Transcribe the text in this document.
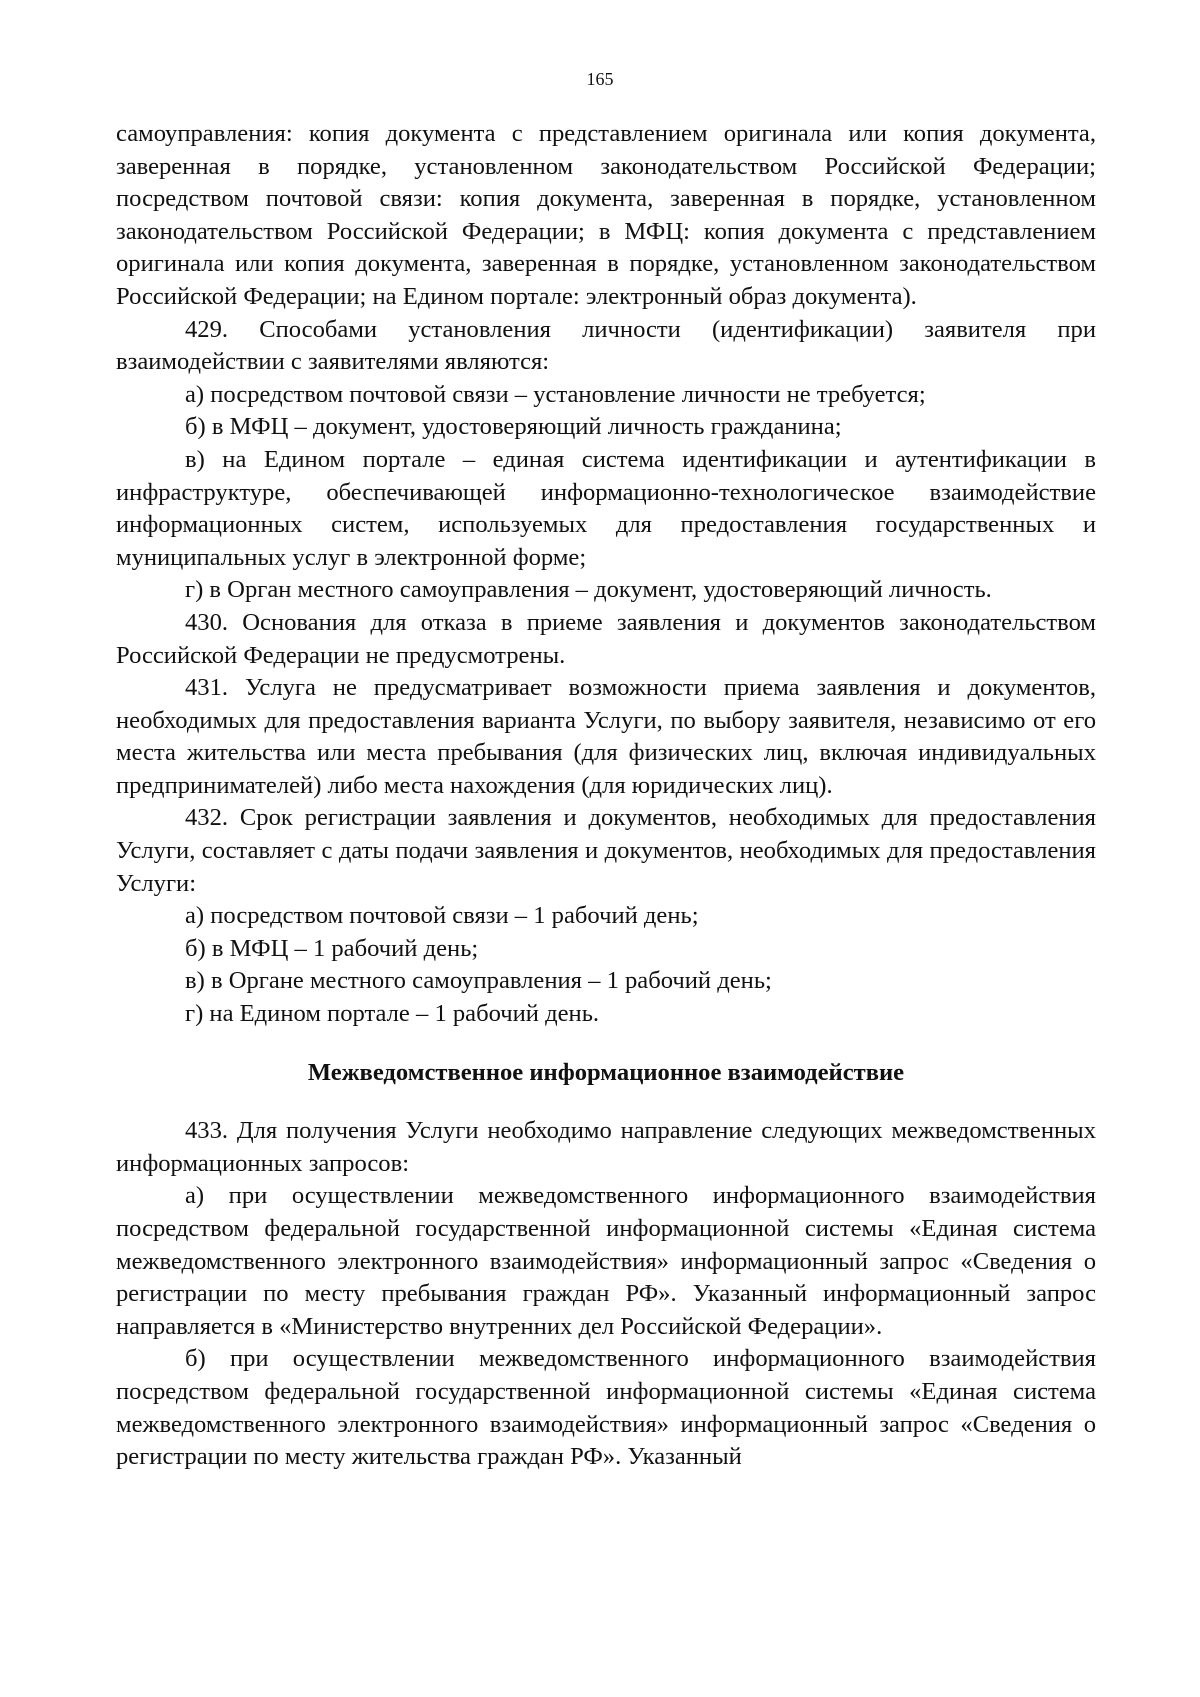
165

самоуправления: копия документа с представлением оригинала или копия документа, заверенная в порядке, установленном законодательством Российской Федерации; посредством почтовой связи: копия документа, заверенная в порядке, установленном законодательством Российской Федерации; в МФЦ: копия документа с представлением оригинала или копия документа, заверенная в порядке, установленном законодательством Российской Федерации; на Едином портале: электронный образ документа).

429. Способами установления личности (идентификации) заявителя при взаимодействии с заявителями являются:

а) посредством почтовой связи – установление личности не требуется;

б) в МФЦ – документ, удостоверяющий личность гражданина;

в) на Едином портале – единая система идентификации и аутентификации в инфраструктуре, обеспечивающей информационно-технологическое взаимодействие информационных систем, используемых для предоставления государственных и муниципальных услуг в электронной форме;

г) в Орган местного самоуправления – документ, удостоверяющий личность.

430. Основания для отказа в приеме заявления и документов законодательством Российской Федерации не предусмотрены.

431. Услуга не предусматривает возможности приема заявления и документов, необходимых для предоставления варианта Услуги, по выбору заявителя, независимо от его места жительства или места пребывания (для физических лиц, включая индивидуальных предпринимателей) либо места нахождения (для юридических лиц).

432. Срок регистрации заявления и документов, необходимых для предоставления Услуги, составляет с даты подачи заявления и документов, необходимых для предоставления Услуги:

а) посредством почтовой связи – 1 рабочий день;

б) в МФЦ – 1 рабочий день;

в) в Органе местного самоуправления – 1 рабочий день;

г) на Едином портале – 1 рабочий день.

Межведомственное информационное взаимодействие

433. Для получения Услуги необходимо направление следующих межведомственных информационных запросов:

а) при осуществлении межведомственного информационного взаимодействия посредством федеральной государственной информационной системы «Единая система межведомственного электронного взаимодействия» информационный запрос «Сведения о регистрации по месту пребывания граждан РФ». Указанный информационный запрос направляется в «Министерство внутренних дел Российской Федерации».

б) при осуществлении межведомственного информационного взаимодействия посредством федеральной государственной информационной системы «Единая система межведомственного электронного взаимодействия» информационный запрос «Сведения о регистрации по месту жительства граждан РФ». Указанный
